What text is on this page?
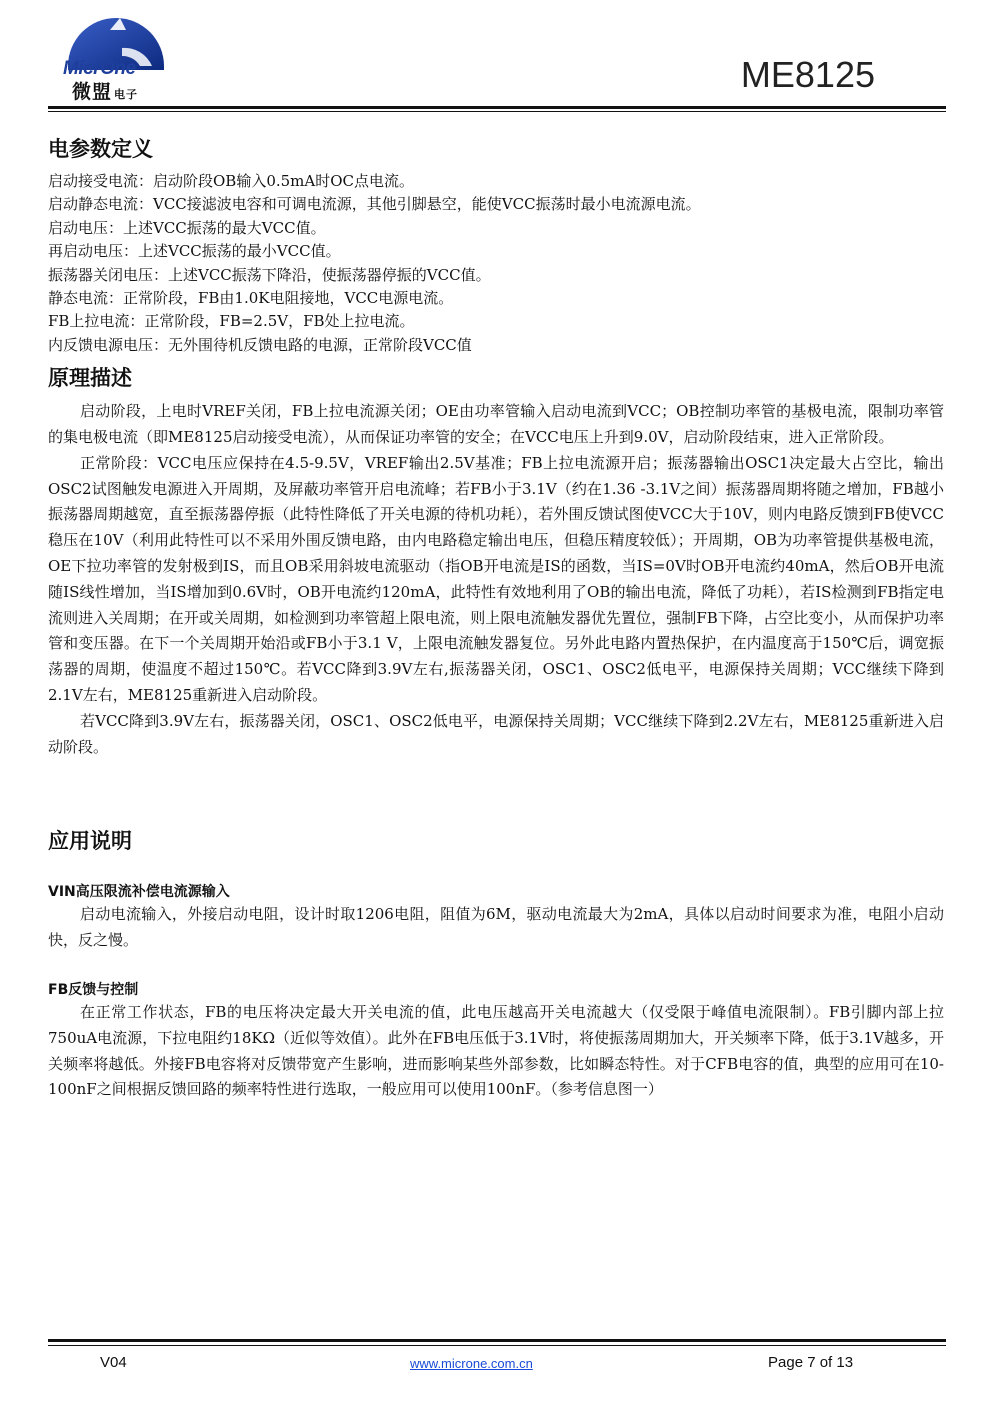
MicrOne
微盟 电子	ME8125
电参数定义

启动接受电流：启动阶段OB输入0.5mA时OC点电流。

启动静态电流：VCC接滤波电容和可调电流源，其他引脚悬空，能使VCC振荡时最小电流源电流。

启动电压：上述VCC振荡的最大VCC值。

再启动电压：上述VCC振荡的最小VCC值。

振荡器关闭电压：上述VCC振荡下降沿，使振荡器停振的VCC值。

静态电流：正常阶段，FB由1.0K电阻接地，VCC电源电流。

FB上拉电流：正常阶段，FB=2.5V，FB处上拉电流。

内反馈电源电压：无外围待机反馈电路的电源，正常阶段VCC值

原理描述

启动阶段，上电时VREF关闭，FB上拉电流源关闭；OE由功率管输入启动电流到VCC；OB控制功率管的基极电流，限制功率管的集电极电流（即ME8125启动接受电流），从而保证功率管的安全；在VCC电压上升到9.0V，启动阶段结束，进入正常阶段。

正常阶段：VCC电压应保持在4.5-9.5V，VREF输出2.5V基准；FB上拉电流源开启；振荡器输出OSC1决定最大占空比，输出OSC2试图触发电源进入开周期，及屏蔽功率管开启电流峰；若FB小于3.1V（约在1.36 -3.1V之间）振荡器周期将随之增加，FB越小振荡器周期越宽，直至振荡器停振（此特性降低了开关电源的待机功耗），若外围反馈试图使VCC大于10V，则内电路反馈到FB使VCC稳压在10V（利用此特性可以不采用外围反馈电路，由内电路稳定输出电压，但稳压精度较低）；开周期，OB为功率管提供基极电流，OE下拉功率管的发射极到IS，而且OB采用斜坡电流驱动（指OB开电流是IS的函数，当IS=0V时OB开电流约40mA，然后OB开电流随IS线性增加，当IS增加到0.6V时，OB开电流约120mA，此特性有效地利用了OB的输出电流，降低了功耗），若IS检测到FB指定电流则进入关周期；在开或关周期，如检测到功率管超上限电流，则上限电流触发器优先置位，强制FB下降，占空比变小，从而保护功率管和变压器。在下一个关周期开始沿或FB小于3.1 V，上限电流触发器复位。另外此电路内置热保护，在内温度高于150℃后，调宽振荡器的周期，使温度不超过150℃。若VCC降到3.9V左右,振荡器关闭，OSC1、OSC2低电平，电源保持关周期；VCC继续下降到2.1V左右，ME8125重新进入启动阶段。

若VCC降到3.9V左右，振荡器关闭，OSC1、OSC2低电平，电源保持关周期；VCC继续下降到2.2V左右，ME8125重新进入启动阶段。

应用说明

VIN高压限流补偿电流源输入

启动电流输入，外接启动电阻，设计时取1206电阻，阻值为6M，驱动电流最大为2mA，具体以启动时间要求为准，电阻小启动快，反之慢。

FB反馈与控制

在正常工作状态，FB的电压将决定最大开关电流的值，此电压越高开关电流越大（仅受限于峰值电流限制）。FB引脚内部上拉750uA电流源，下拉电阻约18KΩ（近似等效值）。此外在FB电压低于3.1V时，将使振荡周期加大，开关频率下降，低于3.1V越多，开关频率将越低。外接FB电容将对反馈带宽产生影响，进而影响某些外部参数，比如瞬态特性。对于CFB电容的值，典型的应用可在10-100nF之间根据反馈回路的频率特性进行选取，一般应用可以使用100nF。（参考信息图一）

V04	www.microne.com.cn	Page 7 of 13
